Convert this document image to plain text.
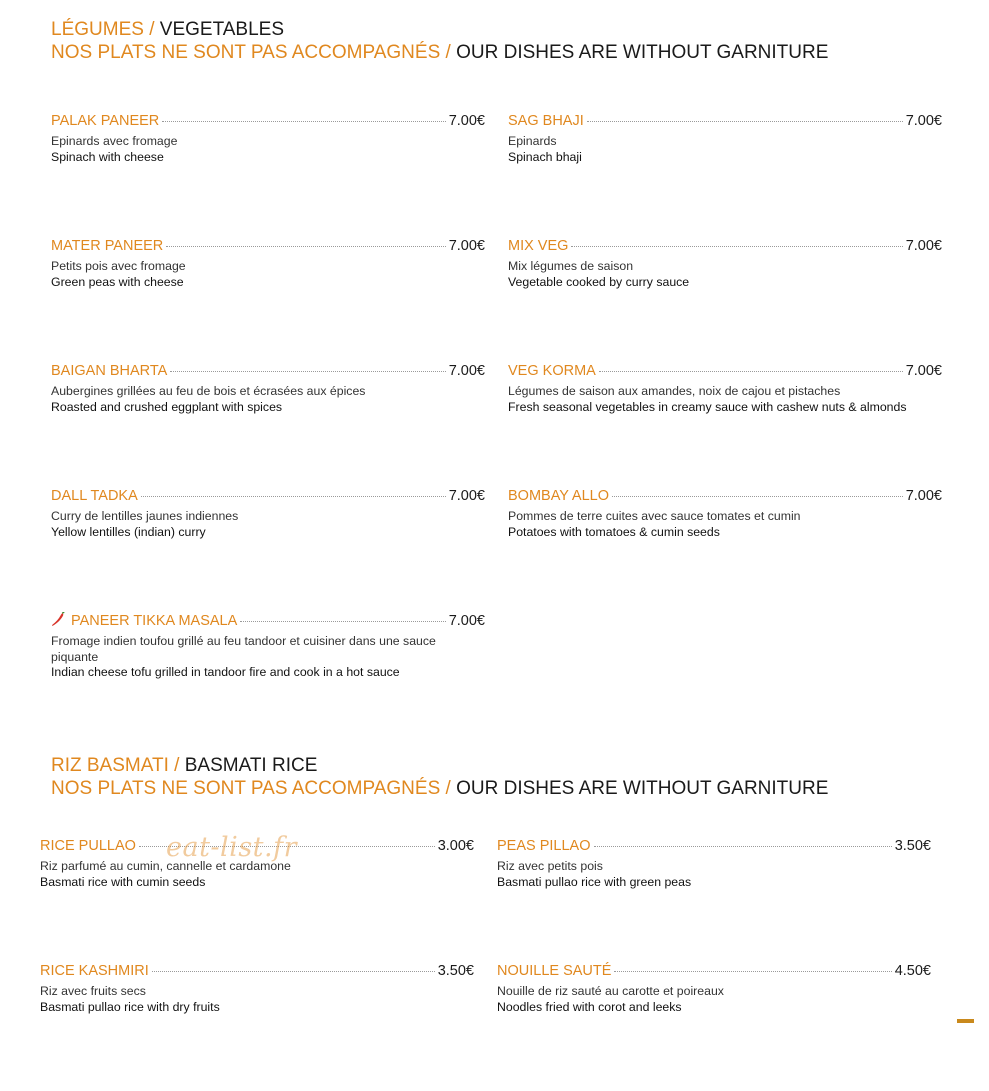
LÉGUMES / VEGETABLES
NOS PLATS NE SONT PAS ACCOMPAGNÉS / OUR DISHES ARE WITHOUT GARNITURE
PALAK PANEER	7.00€
Epinards avec fromage
Spinach with cheese
SAG BHAJI	7.00€
Epinards
Spinach bhaji
MATER PANEER	7.00€
Petits pois avec fromage
Green peas with cheese
MIX VEG	7.00€
Mix légumes de saison
Vegetable cooked by curry sauce
BAIGAN BHARTA	7.00€
Aubergines grillées au feu de bois et écrasées aux épices
Roasted and crushed eggplant with spices
VEG KORMA	7.00€
Légumes de saison aux amandes, noix de cajou et pistaches
Fresh seasonal vegetables in creamy sauce with cashew nuts & almonds
DALL TADKA	7.00€
Curry de lentilles jaunes indiennes
Yellow lentilles (indian) curry
BOMBAY ALLO	7.00€
Pommes de terre cuites avec sauce tomates et cumin
Potatoes with tomatoes & cumin seeds
PANEER TIKKA MASALA	7.00€
Fromage indien toufou grillé au feu tandoor et cuisiner dans une sauce piquante
Indian cheese tofu grilled in tandoor fire and cook in a hot sauce
RIZ BASMATI / BASMATI RICE
NOS PLATS NE SONT PAS ACCOMPAGNÉS / OUR DISHES ARE WITHOUT GARNITURE
RICE PULLAO	3.00€
Riz parfumé au cumin, cannelle et cardamone
Basmati rice with cumin seeds
PEAS PILLAO	3.50€
Riz avec petits pois
Basmati pullao rice with green peas
RICE KASHMIRI	3.50€
Riz avec fruits secs
Basmati pullao rice with dry fruits
NOUILLE SAUTÉ	4.50€
Nouille de riz sauté au carotte et poireaux
Noodles fried with corot and leeks
eat-list.fr
